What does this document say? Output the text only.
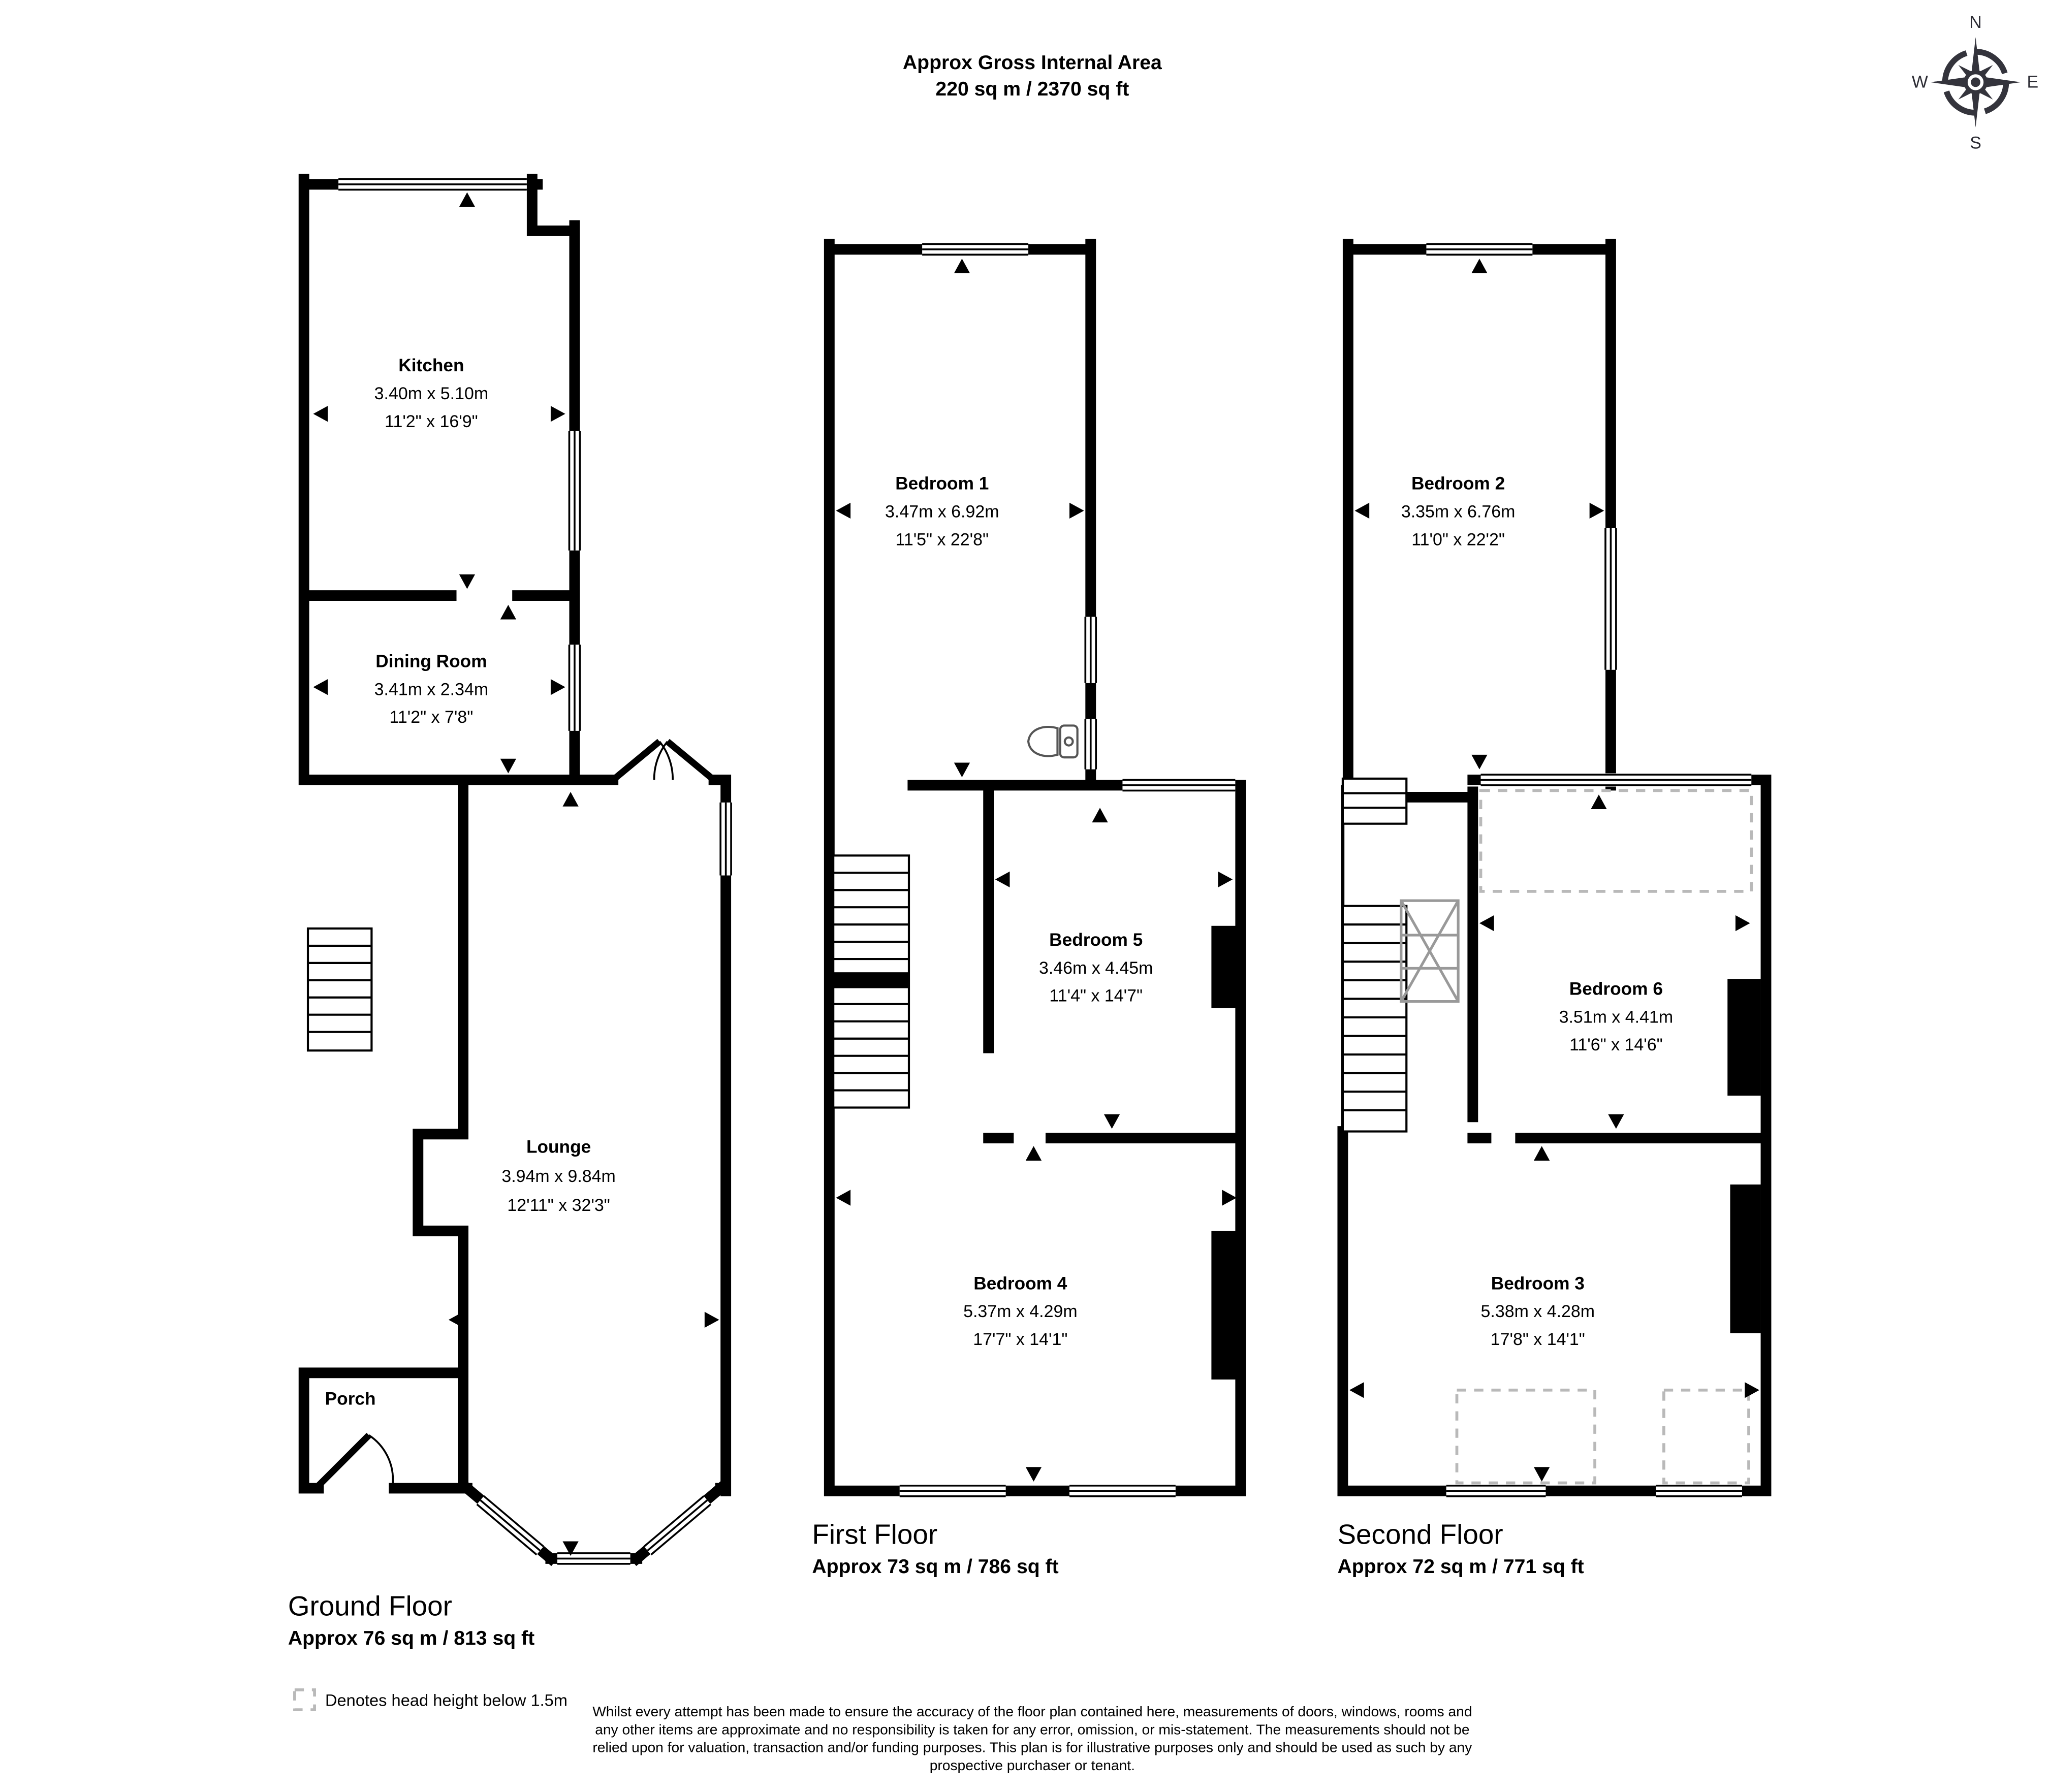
Approx Gross Internal Area
220 sq m / 2370 sq ft
N
S
W	E
Kitchen
3.40m x 5.10m
11'2" x 16'9"
Dining Room
3.41m x 2.34m
11'2" x 7'8"
Lounge
3.94m x 9.84m
12'11" x 32'3"
Porch
Ground Floor
Approx 76 sq m / 813 sq ft
Bedroom 1
3.47m x 6.92m
11'5" x 22'8"
Bedroom 5
3.46m x 4.45m
11'4" x 14'7"
Bedroom 4
5.37m x 4.29m
17'7" x 14'1"
First Floor
Approx 73 sq m / 786 sq ft
Bedroom 2
3.35m x 6.76m
11'0" x 22'2"
Bedroom 6
3.51m x 4.41m
11'6" x 14'6"
Bedroom 3
5.38m x 4.28m
17'8" x 14'1"
Second Floor
Approx 72 sq m / 771 sq ft
Denotes head height below 1.5m
Whilst every attempt has been made to ensure the accuracy of the floor plan contained here, measurements of doors, windows, rooms and
any other items are approximate and no responsibility is taken for any error, omission, or mis-statement. The measurements should not be
relied upon for valuation, transaction and/or funding purposes. This plan is for illustrative purposes only and should be used as such by any
prospective purchaser or tenant.
